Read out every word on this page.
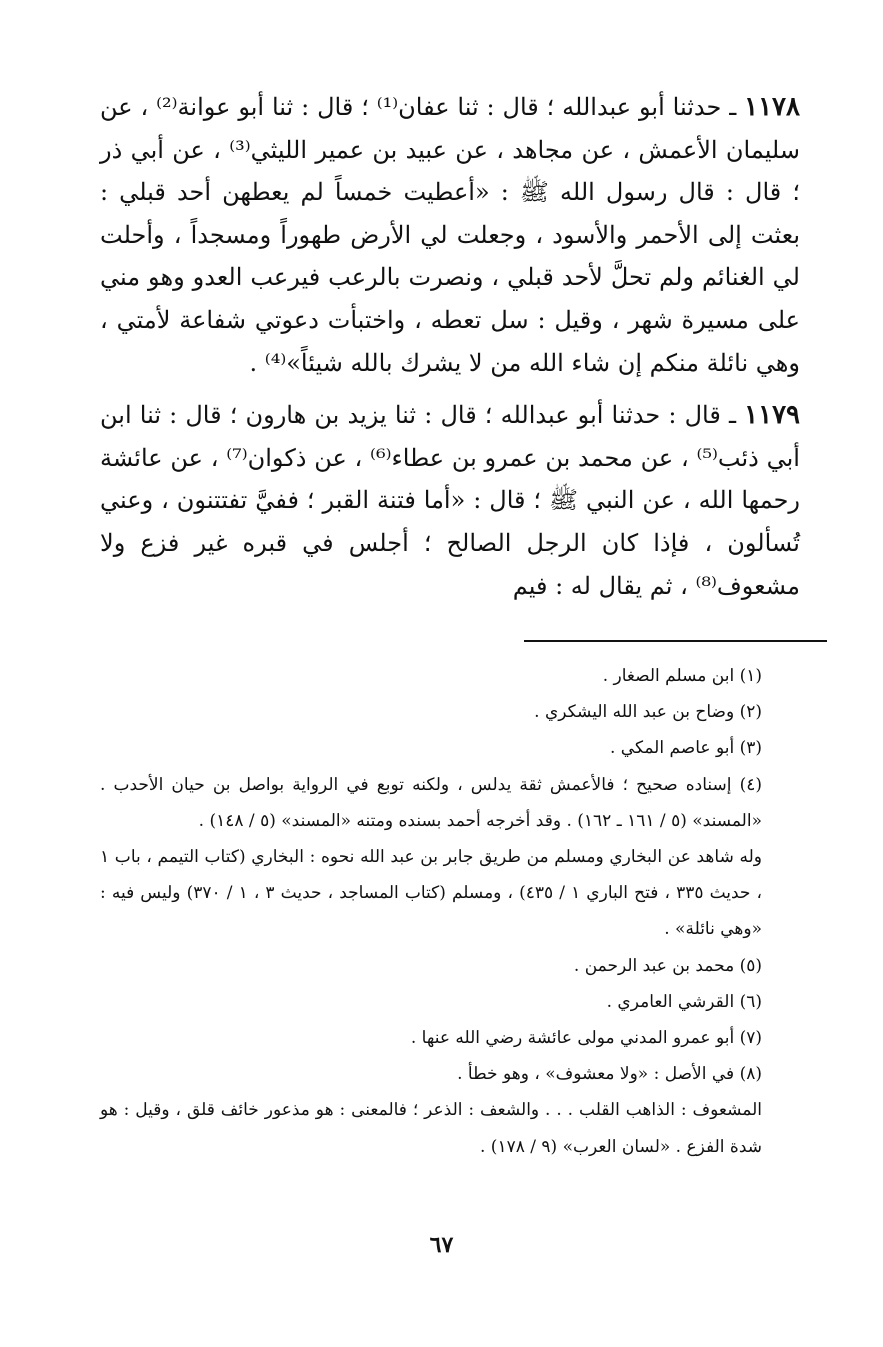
١١٧٨ ـ حدثنا أبو عبدالله ؛ قال : ثنا عفان⁽¹⁾ ؛ قال : ثنا أبو عوانة⁽²⁾ ، عن سليمان الأعمش ، عن مجاهد ، عن عبيد بن عمير الليثي⁽³⁾ ، عن أبي ذر ؛ قال : قال رسول الله ﷺ : «أعطيت خمساً لم يعطهن أحد قبلي : بعثت إلى الأحمر والأسود ، وجعلت لي الأرض طهوراً ومسجداً ، وأحلت لي الغنائم ولم تحلَّ لأحد قبلي ، ونصرت بالرعب فيرعب العدو وهو مني على مسيرة شهر ، وقيل : سل تعطه ، واختبأت دعوتي شفاعة لأمتي ، وهي نائلة منكم إن شاء الله من لا يشرك بالله شيئاً»⁽⁴⁾ .

١١٧٩ ـ قال : حدثنا أبو عبدالله ؛ قال : ثنا يزيد بن هارون ؛ قال : ثنا ابن أبي ذئب⁽⁵⁾ ، عن محمد بن عمرو بن عطاء⁽⁶⁾ ، عن ذكوان⁽⁷⁾ ، عن عائشة رحمها الله ، عن النبي ﷺ ؛ قال : «أما فتنة القبر ؛ ففيَّ تفتتنون ، وعني تُسألون ، فإذا كان الرجل الصالح ؛ أجلس في قبره غير فزع ولا مشعوف⁽⁸⁾ ، ثم يقال له : فيم

(١) ابن مسلم الصغار .

(٢) وضاح بن عبد الله اليشكري .

(٣) أبو عاصم المكي .

(٤) إسناده صحيح ؛ فالأعمش ثقة يدلس ، ولكنه توبع في الرواية بواصل بن حيان الأحدب . «المسند» (٥ / ١٦١ ـ ١٦٢) . وقد أخرجه أحمد بسنده ومتنه «المسند» (٥ / ١٤٨) .

وله شاهد عن البخاري ومسلم من طريق جابر بن عبد الله نحوه : البخاري (كتاب التيمم ، باب ١ ، حديث ٣٣٥ ، فتح الباري ١ / ٤٣٥) ، ومسلم (كتاب المساجد ، حديث ٣ ، ١ / ٣٧٠) وليس فيه : «وهي نائلة» .

(٥) محمد بن عبد الرحمن .

(٦) القرشي العامري .

(٧) أبو عمرو المدني مولى عائشة رضي الله عنها .

(٨) في الأصل : «ولا معشوف» ، وهو خطأ .

المشعوف : الذاهب القلب . . . والشعف : الذعر ؛ فالمعنى : هو مذعور خائف قلق ، وقيل : هو شدة الفزع . «لسان العرب» (٩ / ١٧٨) .

٦٧
